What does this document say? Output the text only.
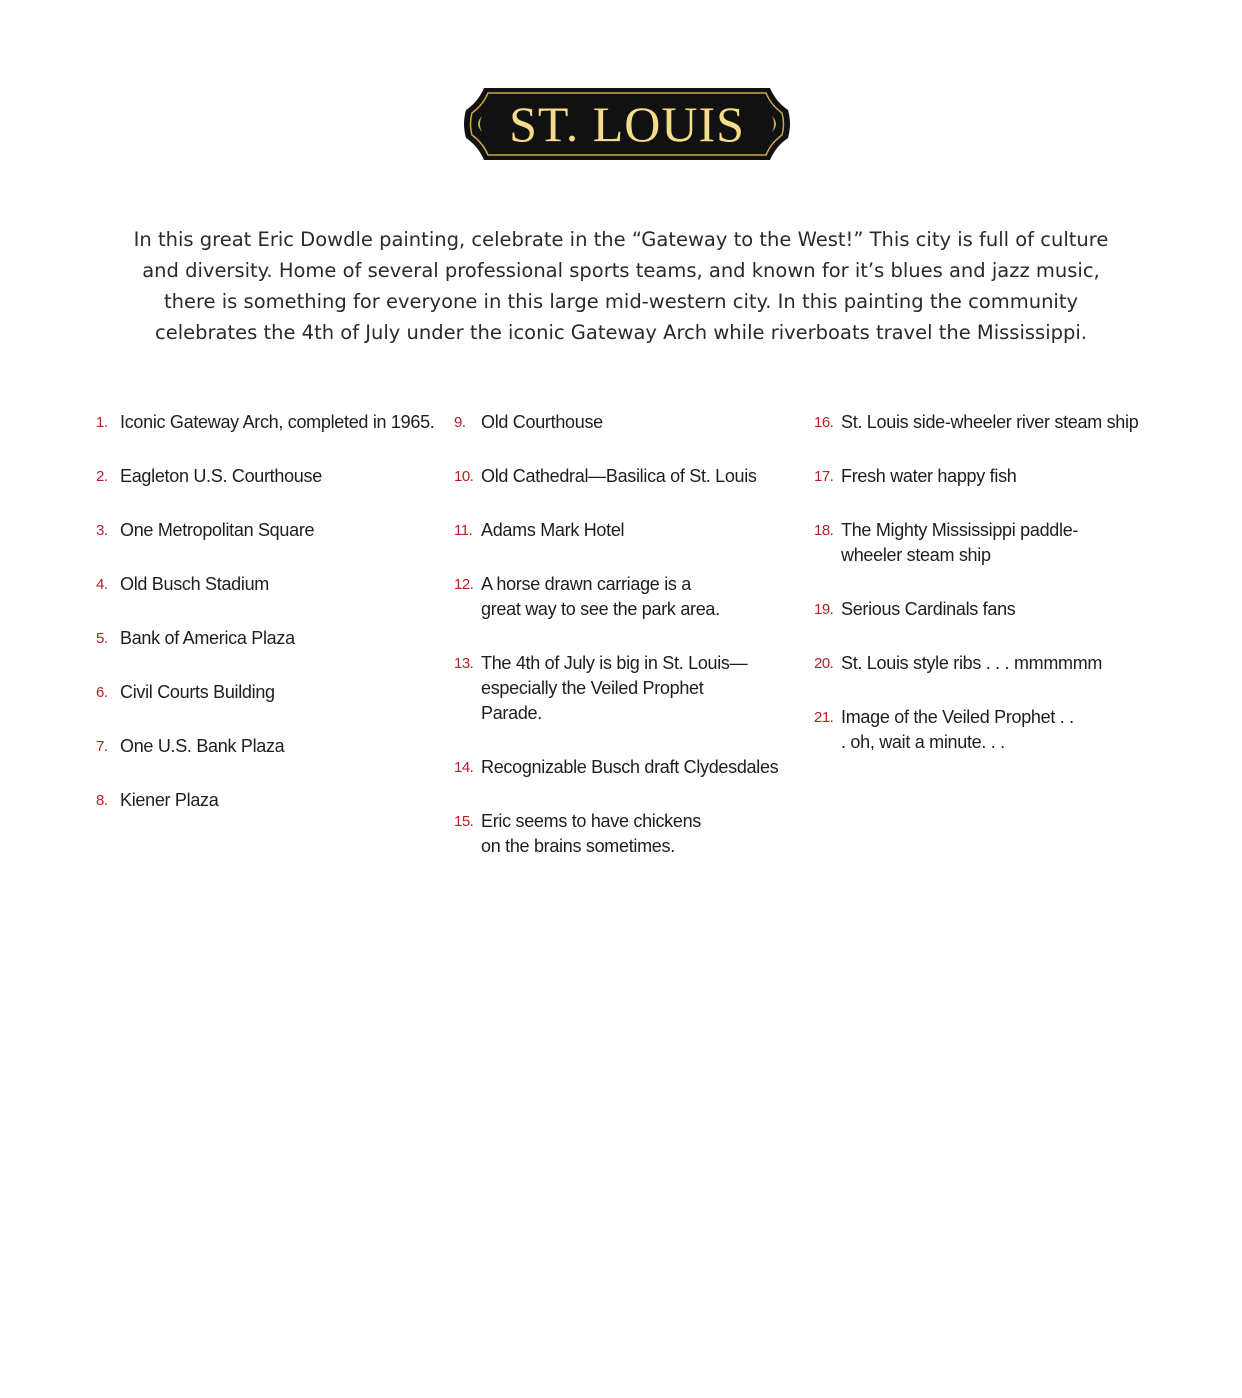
ST. LOUIS

In this great Eric Dowdle painting, celebrate in the “Gateway to the West!” This city is full of culture and diversity. Home of several professional sports teams, and known for it’s blues and jazz music, there is something for everyone in this large mid-western city. In this painting the community celebrates the 4th of July under the iconic Gateway Arch while riverboats travel the Mississippi.

1. Iconic Gateway Arch, completed in 1965.
2. Eagleton U.S. Courthouse
3. One Metropolitan Square
4. Old Busch Stadium
5. Bank of America Plaza
6. Civil Courts Building
7. One U.S. Bank Plaza
8. Kiener Plaza
9. Old Courthouse
10. Old Cathedral—Basilica of St. Louis
11. Adams Mark Hotel
12. A horse drawn carriage is a great way to see the park area.
13. The 4th of July is big in St. Louis— especially the Veiled Prophet Parade.
14. Recognizable Busch draft Clydesdales
15. Eric seems to have chickens on the brains sometimes.
16. St. Louis side-wheeler river steam ship
17. Fresh water happy fish
18. The Mighty Mississippi paddle- wheeler steam ship
19. Serious Cardinals fans
20. St. Louis style ribs . . . mmmmmm
21. Image of the Veiled Prophet . . . oh, wait a minute. . .
